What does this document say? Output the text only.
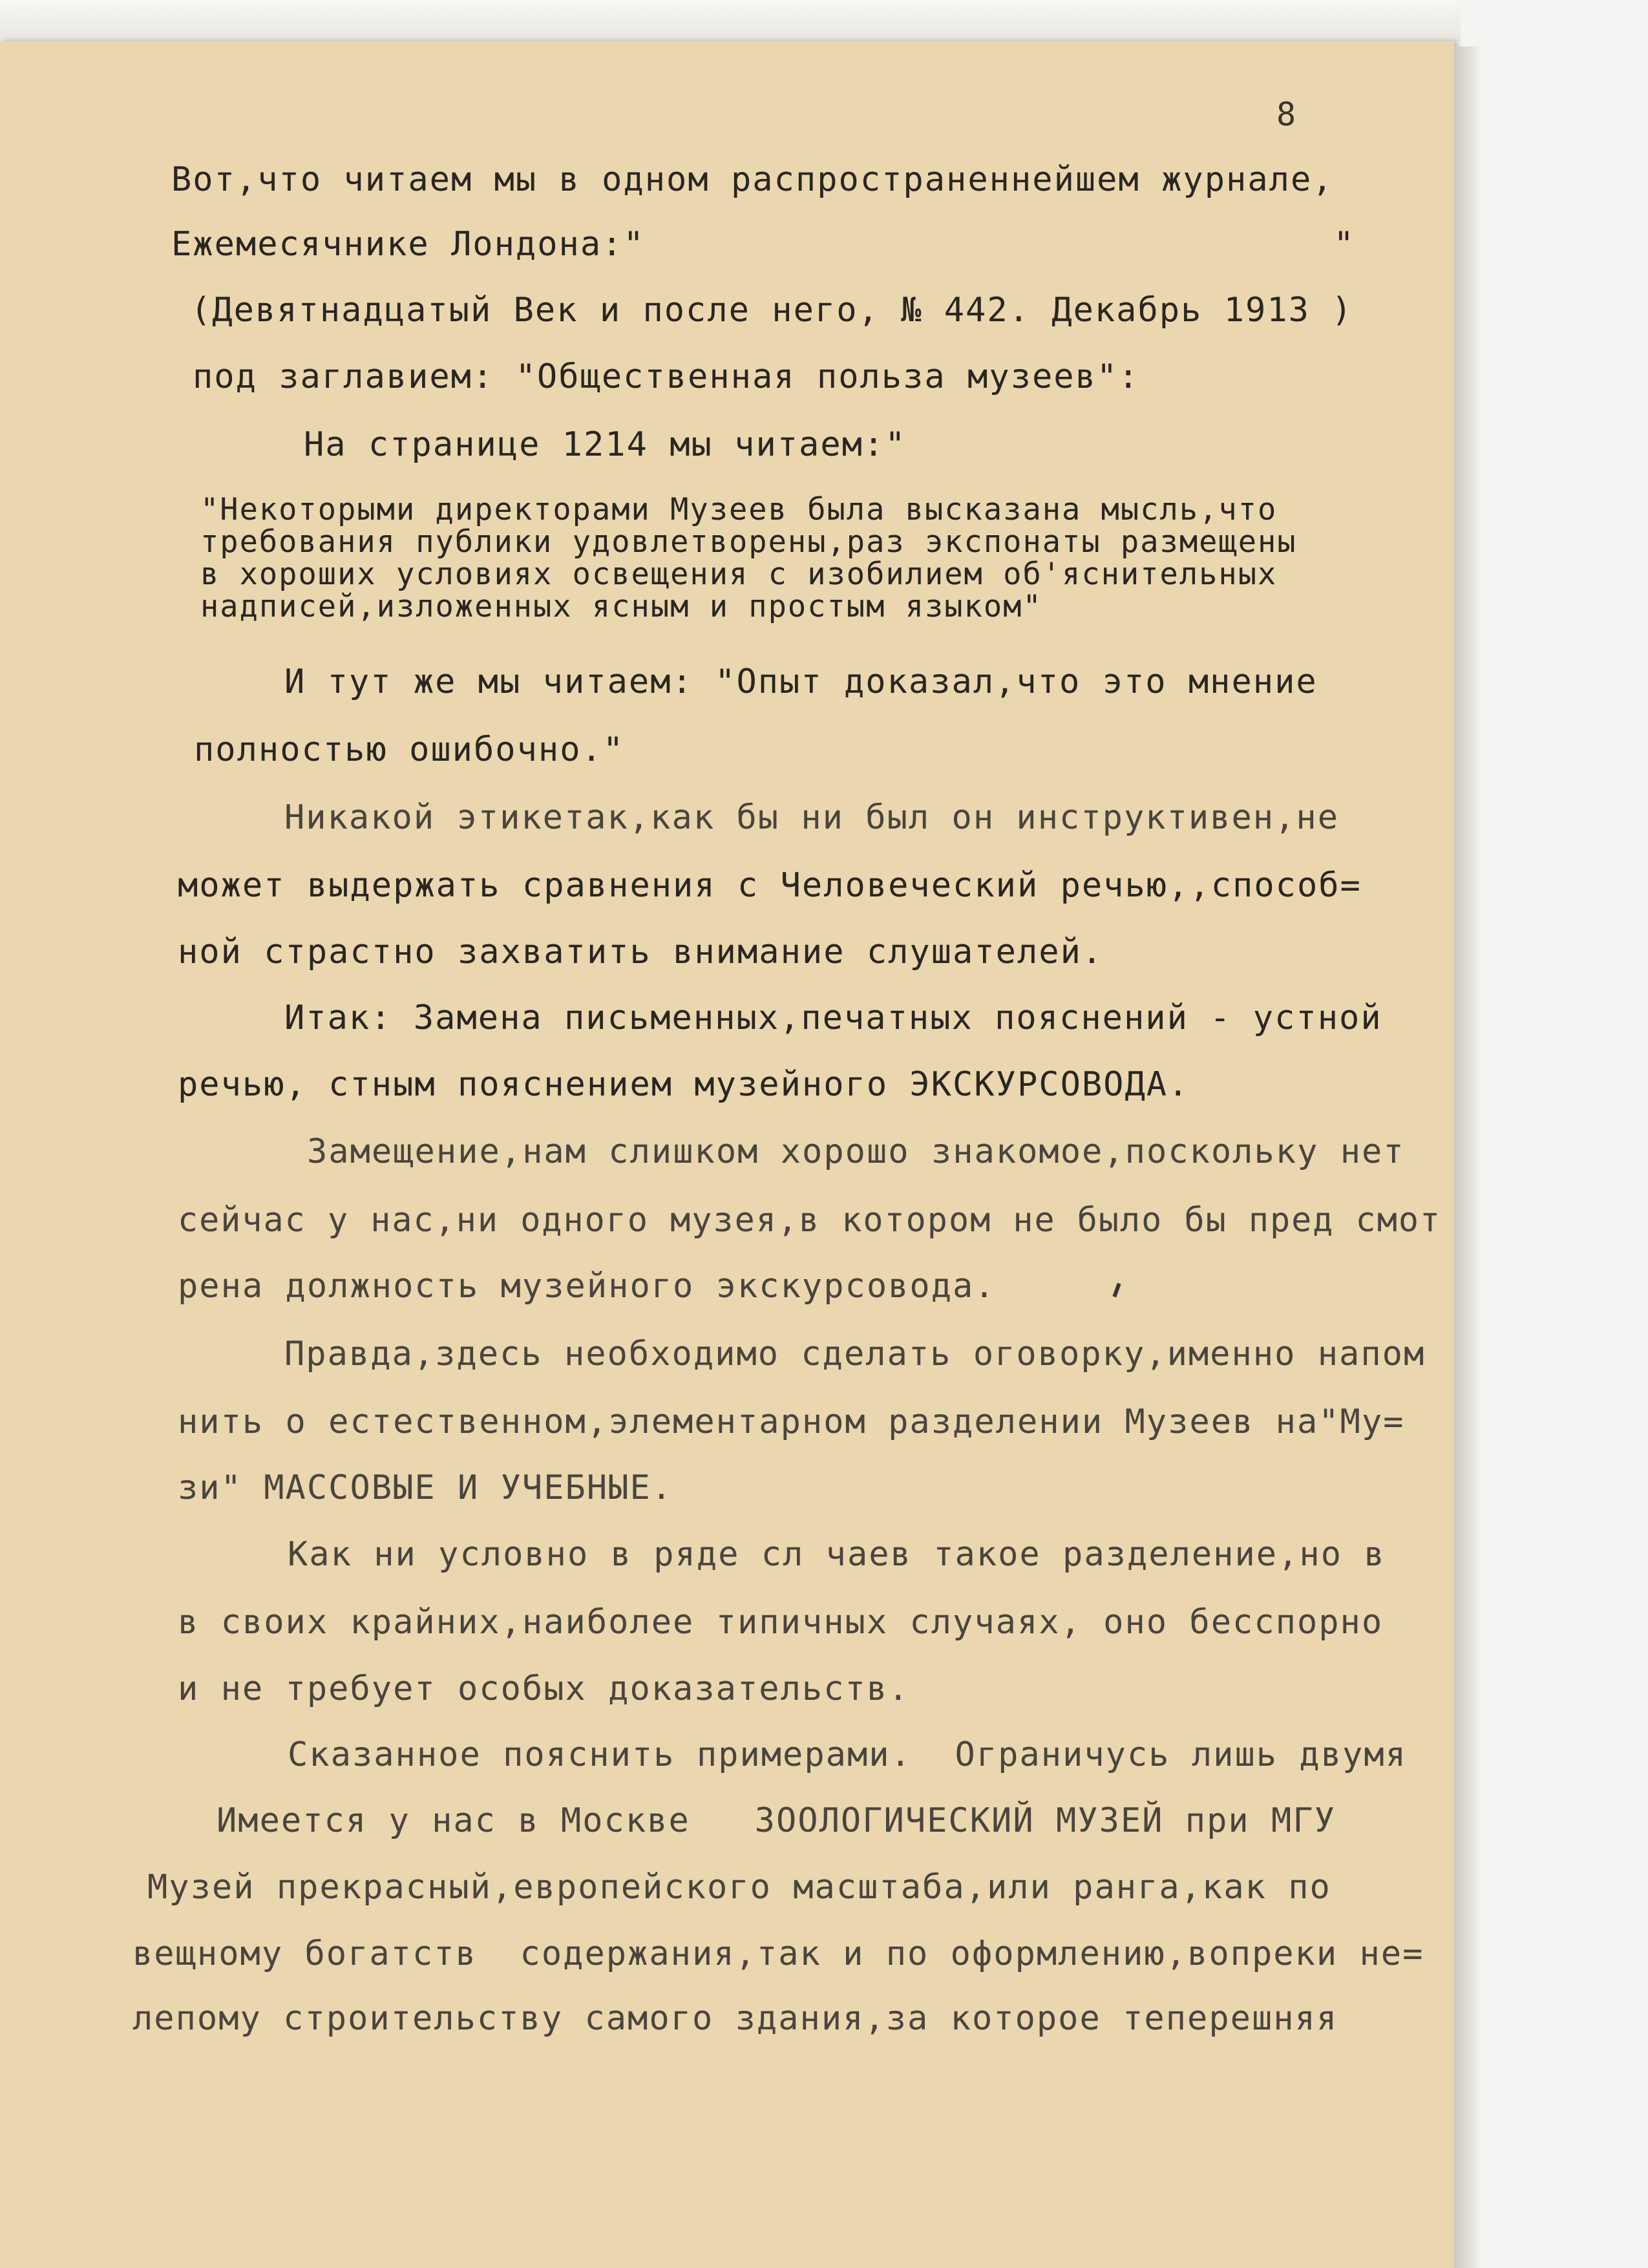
8
Вот,что читаем мы в одном распространеннейшем журнале,
Ежемесячнике Лондона:"                                "
(Девятнадцатый Век и после него, № 442. Декабрь 1913 )
под заглавием: "Общественная польза музеев":
На странице 1214 мы читаем:"
"Некоторыми директорами Музеев была высказана мысль,что
требования публики удовлетворены,раз экспонаты размещены
в хороших условиях освещения с изобилием об'яснительных
надписей,изложенных ясным и простым языком"
И тут же мы читаем: "Опыт доказал,что это мнение
полностью ошибочно."
Никакой этикетак,как бы ни был он инструктивен,не
может выдержать сравнения с Человеческий речью,,способ=
ной страстно захватить внимание слушателей.
Итак: Замена письменных,печатных пояснений - устной
речью, стным пояснением музейного ЭКСКУРСОВОДА.
Замещение,нам слишком хорошо знакомое,поскольку нет
сейчас у нас,ни одного музея,в котором не было бы пред смот
рена должность музейного экскурсовода.
Правда,здесь необходимо сделать оговорку,именно напом
нить о естественном,элементарном разделении Музеев на"Му=
зи" МАССОВЫЕ И УЧЕБНЫЕ.
Как ни условно в ряде сл чаев такое разделение,но в
в своих крайних,наиболее типичных случаях, оно бесспорно
и не требует особых доказательств.
Сказанное пояснить примерами.  Ограничусь лишь двумя
Имеется у нас в Москве   ЗООЛОГИЧЕСКИЙ МУЗЕЙ при МГУ
Музей прекрасный,европейского масштаба,или ранга,как по
вещному богатств  содержания,так и по оформлению,вопреки не=
лепому строительству самого здания,за которое теперешняя
